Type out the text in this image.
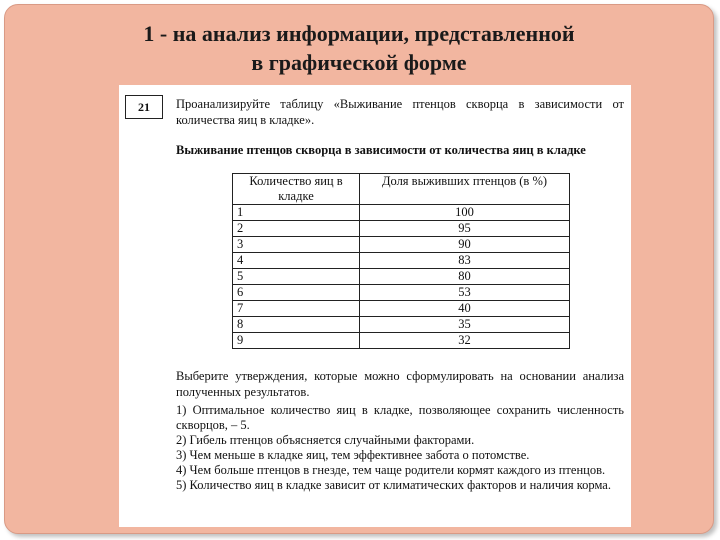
1 - на анализ информации, представленной
в графической форме
21	Проанализируйте таблицу «Выживание птенцов скворца в зависимости от количества яиц в кладке».
Выживание птенцов скворца в зависимости от количества яиц в кладке
Количество яиц в кладке	Доля выживших птенцов (в %)
1	100
2	95
3	90
4	83
5	80
6	53
7	40
8	35
9	32
Выберите утверждения, которые можно сформулировать на основании анализа полученных результатов.
1) Оптимальное количество яиц в кладке, позволяющее сохранить численность скворцов, – 5.
2) Гибель птенцов объясняется случайными факторами.
3) Чем меньше в кладке яиц, тем эффективнее забота о потомстве.
4) Чем больше птенцов в гнезде, тем чаще родители кормят каждого из птенцов.
5) Количество яиц в кладке зависит от климатических факторов и наличия корма.
